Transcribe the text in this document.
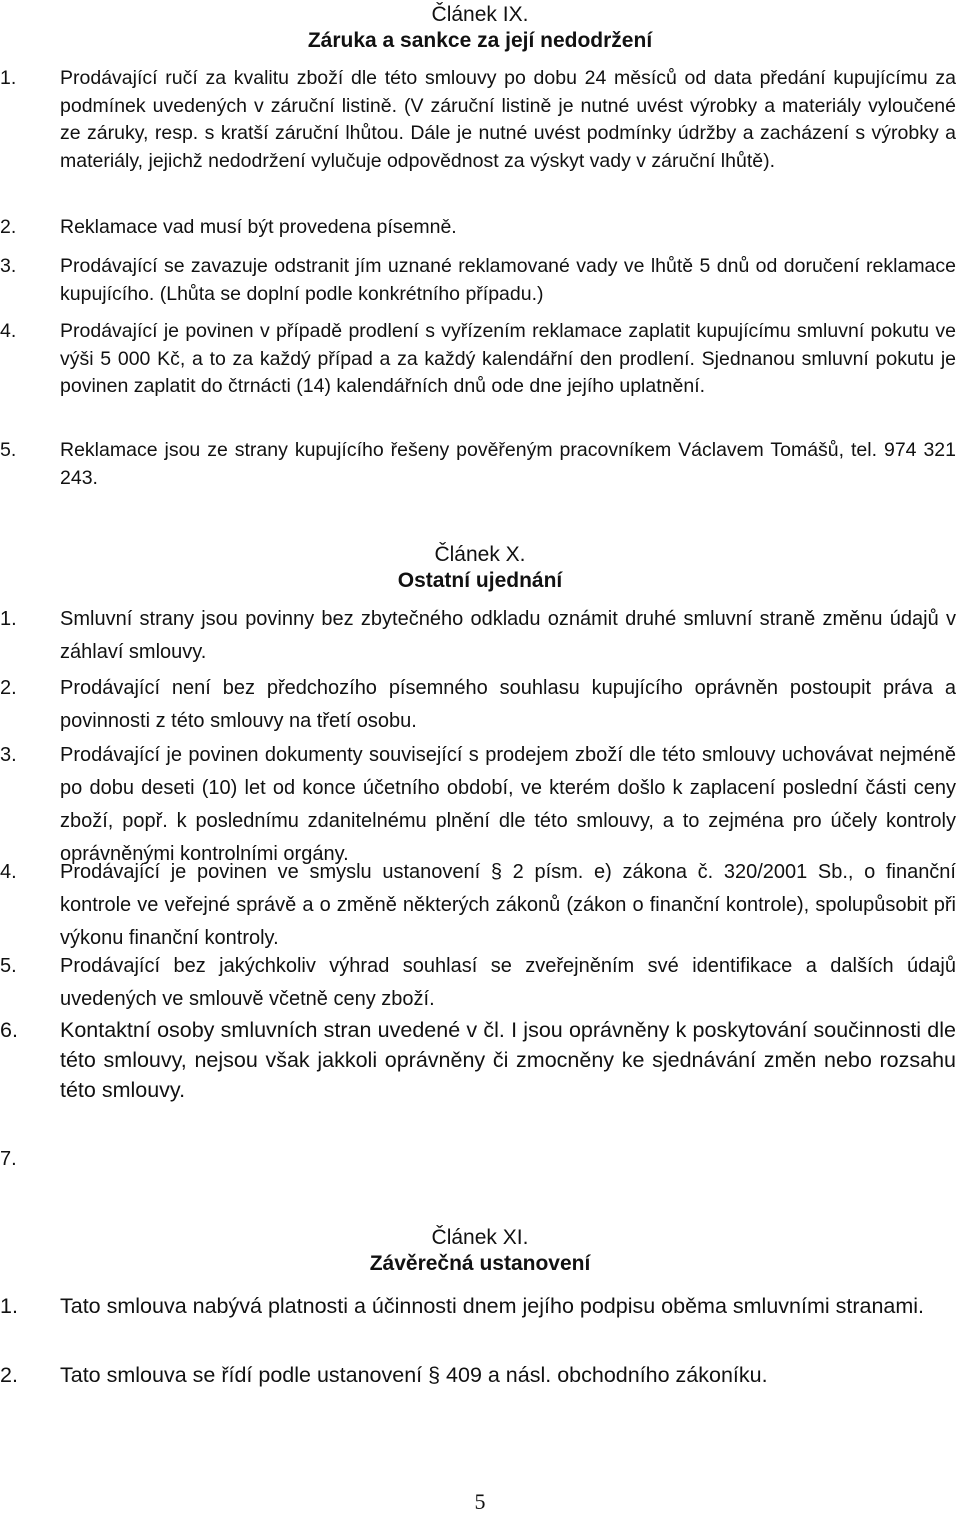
Článek IX.
Záruka a sankce za její nedodržení
1. Prodávající ručí za kvalitu zboží dle této smlouvy po dobu 24 měsíců od data předání kupujícímu za podmínek uvedených v záruční listině. (V záruční listině je nutné uvést výrobky a materiály vyloučené ze záruky, resp. s kratší záruční lhůtou. Dále je nutné uvést podmínky údržby a zacházení s výrobky a materiály, jejichž nedodržení vylučuje odpovědnost za výskyt vady v záruční lhůtě).
2. Reklamace vad musí být provedena písemně.
3. Prodávající se zavazuje odstranit jím uznané reklamované vady ve lhůtě 5 dnů od doručení reklamace kupujícího. (Lhůta se doplní podle konkrétního případu.)
4. Prodávající je povinen v případě prodlení s vyřízením reklamace zaplatit kupujícímu smluvní pokutu ve výši 5 000 Kč, a to za každý případ a za každý kalendářní den prodlení. Sjednanou smluvní pokutu je povinen zaplatit do čtrnácti (14) kalendářních dnů ode dne jejího uplatnění.
5. Reklamace jsou ze strany kupujícího řešeny pověřeným pracovníkem Václavem Tomášů, tel. 974 321 243.
Článek X.
Ostatní ujednání
1. Smluvní strany jsou povinny bez zbytečného odkladu oznámit druhé smluvní straně změnu údajů v záhlaví smlouvy.
2. Prodávající není bez předchozího písemného souhlasu kupujícího oprávněn postoupit práva a povinnosti z této smlouvy na třetí osobu.
3. Prodávající je povinen dokumenty související s prodejem zboží dle této smlouvy uchovávat nejméně po dobu deseti (10) let od konce účetního období, ve kterém došlo k zaplacení poslední části ceny zboží, popř. k poslednímu zdanitelnému plnění dle této smlouvy, a to zejména pro účely kontroly oprávněnými kontrolními orgány.
4. Prodávající je povinen ve smyslu ustanovení § 2 písm. e) zákona č. 320/2001 Sb., o finanční kontrole ve veřejné správě a o změně některých zákonů (zákon o finanční kontrole), spolupůsobit při výkonu finanční kontroly.
5. Prodávající bez jakýchkoliv výhrad souhlasí se zveřejněním své identifikace a dalších údajů uvedených ve smlouvě včetně ceny zboží.
6. Kontaktní osoby smluvních stran uvedené v čl. I jsou oprávněny k poskytování součinnosti dle této smlouvy, nejsou však jakkoli oprávněny či zmocněny ke sjednávání změn nebo rozsahu této smlouvy.
7.
Článek XI.
Závěrečná ustanovení
1. Tato smlouva nabývá platnosti a účinnosti dnem jejího podpisu oběma smluvními stranami.
2. Tato smlouva se řídí podle ustanovení § 409 a násl. obchodního zákoníku.
5
